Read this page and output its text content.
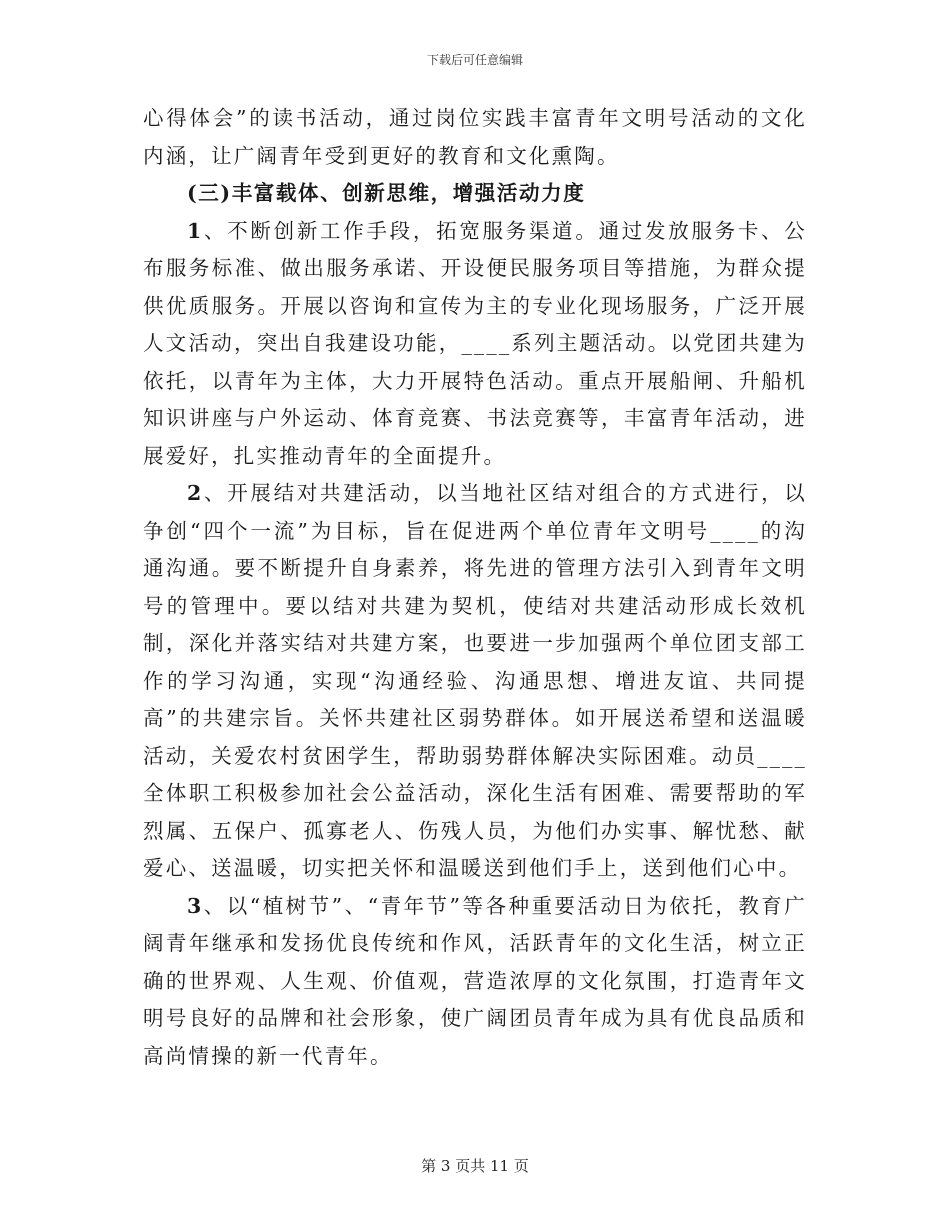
下载后可任意编辑

心得体会”的读书活动，通过岗位实践丰富青年文明号活动的文化内涵，让广阔青年受到更好的教育和文化熏陶。

(三)丰富载体、创新思维，增强活动力度

1、不断创新工作手段，拓宽服务渠道。通过发放服务卡、公布服务标准、做出服务承诺、开设便民服务项目等措施，为群众提供优质服务。开展以咨询和宣传为主的专业化现场服务，广泛开展人文活动，突出自我建设功能，____系列主题活动。以党团共建为依托，以青年为主体，大力开展特色活动。重点开展船闸、升船机知识讲座与户外运动、体育竞赛、书法竞赛等，丰富青年活动，进展爱好，扎实推动青年的全面提升。

2、开展结对共建活动，以当地社区结对组合的方式进行，以争创“四个一流”为目标，旨在促进两个单位青年文明号____的沟通沟通。要不断提升自身素养，将先进的管理方法引入到青年文明号的管理中。要以结对共建为契机，使结对共建活动形成长效机制，深化并落实结对共建方案，也要进一步加强两个单位团支部工作的学习沟通，实现“沟通经验、沟通思想、增进友谊、共同提高”的共建宗旨。关怀共建社区弱势群体。如开展送希望和送温暖活动，关爱农村贫困学生，帮助弱势群体解决实际困难。动员____全体职工积极参加社会公益活动，深化生活有困难、需要帮助的军烈属、五保户、孤寡老人、伤残人员，为他们办实事、解忧愁、献爱心、送温暖，切实把关怀和温暖送到他们手上，送到他们心中。

3、以“植树节”、“青年节”等各种重要活动日为依托，教育广阔青年继承和发扬优良传统和作风，活跃青年的文化生活，树立正确的世界观、人生观、价值观，营造浓厚的文化氛围，打造青年文明号良好的品牌和社会形象，使广阔团员青年成为具有优良品质和高尚情操的新一代青年。

第 3 页共 11 页
